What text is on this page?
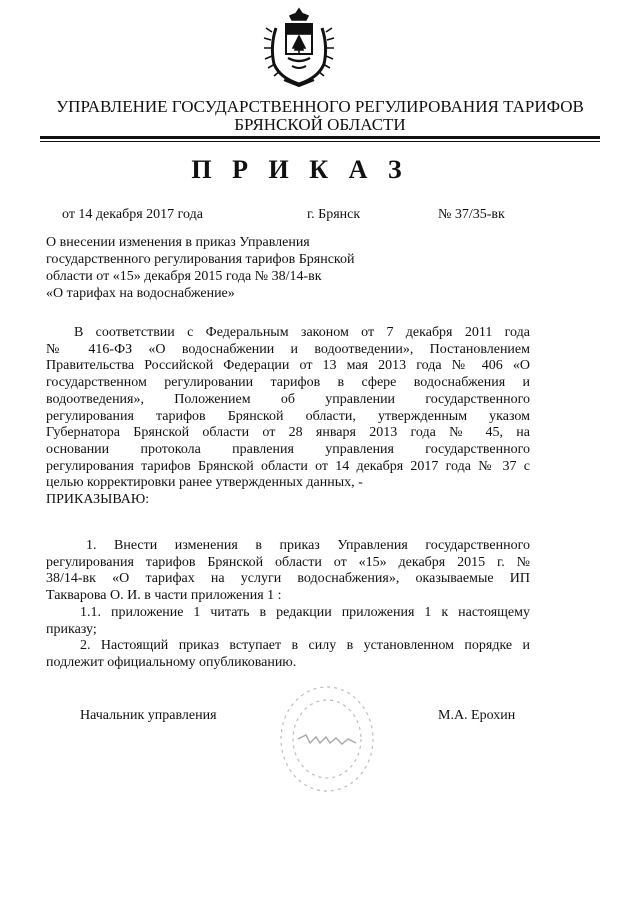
УПРАВЛЕНИЕ ГОСУДАРСТВЕННОГО РЕГУЛИРОВАНИЯ ТАРИФОВ
БРЯНСКОЙ ОБЛАСТИ
П Р И К А З
от 14 декабря 2017 года	г. Брянск	№ 37/35-вк
О внесении изменения в приказ Управления
государственного регулирования тарифов Брянской
области от «15» декабря 2015 года № 38/14-вк
«О тарифах на водоснабжение»
В соответствии с Федеральным законом от 7 декабря 2011 года
№ 416-ФЗ «О водоснабжении и водоотведении», Постановлением
Правительства Российской Федерации от 13 мая 2013 года № 406 «О
государственном регулировании тарифов в сфере водоснабжения и
водоотведения», Положением об управлении государственного
регулирования тарифов Брянской области, утвержденным указом
Губернатора Брянской области от 28 января 2013 года № 45, на
основании протокола правления управления государственного
регулирования тарифов Брянской области от 14 декабря 2017 года № 37 с
целью корректировки ранее утвержденных данных, -
ПРИКАЗЫВАЮ:
1. Внести изменения в приказ Управления государственного
регулирования тарифов Брянской области от «15» декабря 2015 г. №
38/14-вк «О тарифах на услуги водоснабжения», оказываемые ИП
Такварова О. И. в части приложения 1 :
1.1. приложение 1 читать в редакции приложения 1 к настоящему
приказу;
2. Настоящий приказ вступает в силу в установленном порядке и
подлежит официальному опубликованию.
Начальник управления	М.А. Ерохин
